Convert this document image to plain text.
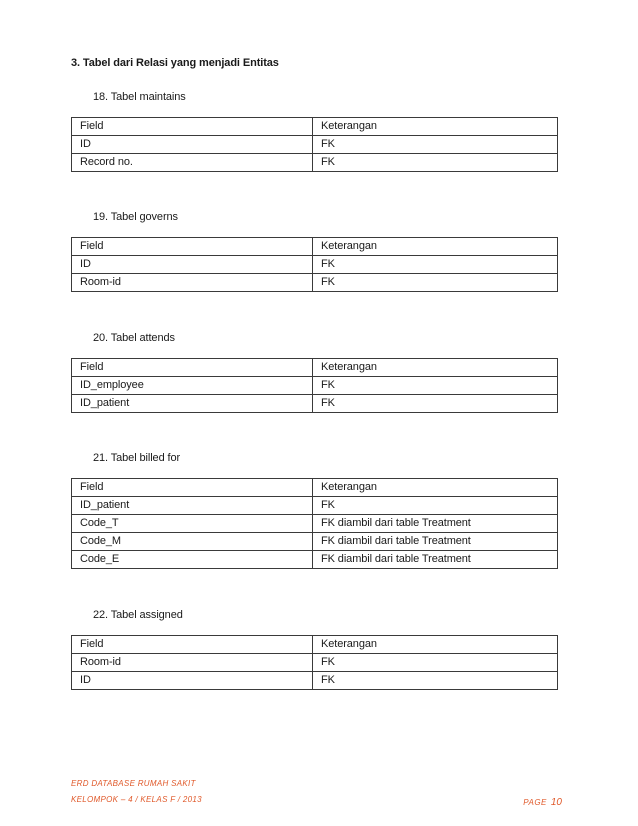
3. Tabel dari Relasi yang menjadi Entitas
18. Tabel maintains
Field	Keterangan
ID	FK
Record no.	FK
19. Tabel governs
Field	Keterangan
ID	FK
Room-id	FK
20. Tabel attends
Field	Keterangan
ID_employee	FK
ID_patient	FK
21. Tabel billed for
Field	Keterangan
ID_patient	FK
Code_T	FK diambil dari table Treatment
Code_M	FK diambil dari table Treatment
Code_E	FK diambil dari table Treatment
22. Tabel assigned
Field	Keterangan
Room-id	FK
ID	FK
ERD DATABASE RUMAH SAKIT
KELOMPOK – 4 / KELAS F / 2013	PAGE 10
